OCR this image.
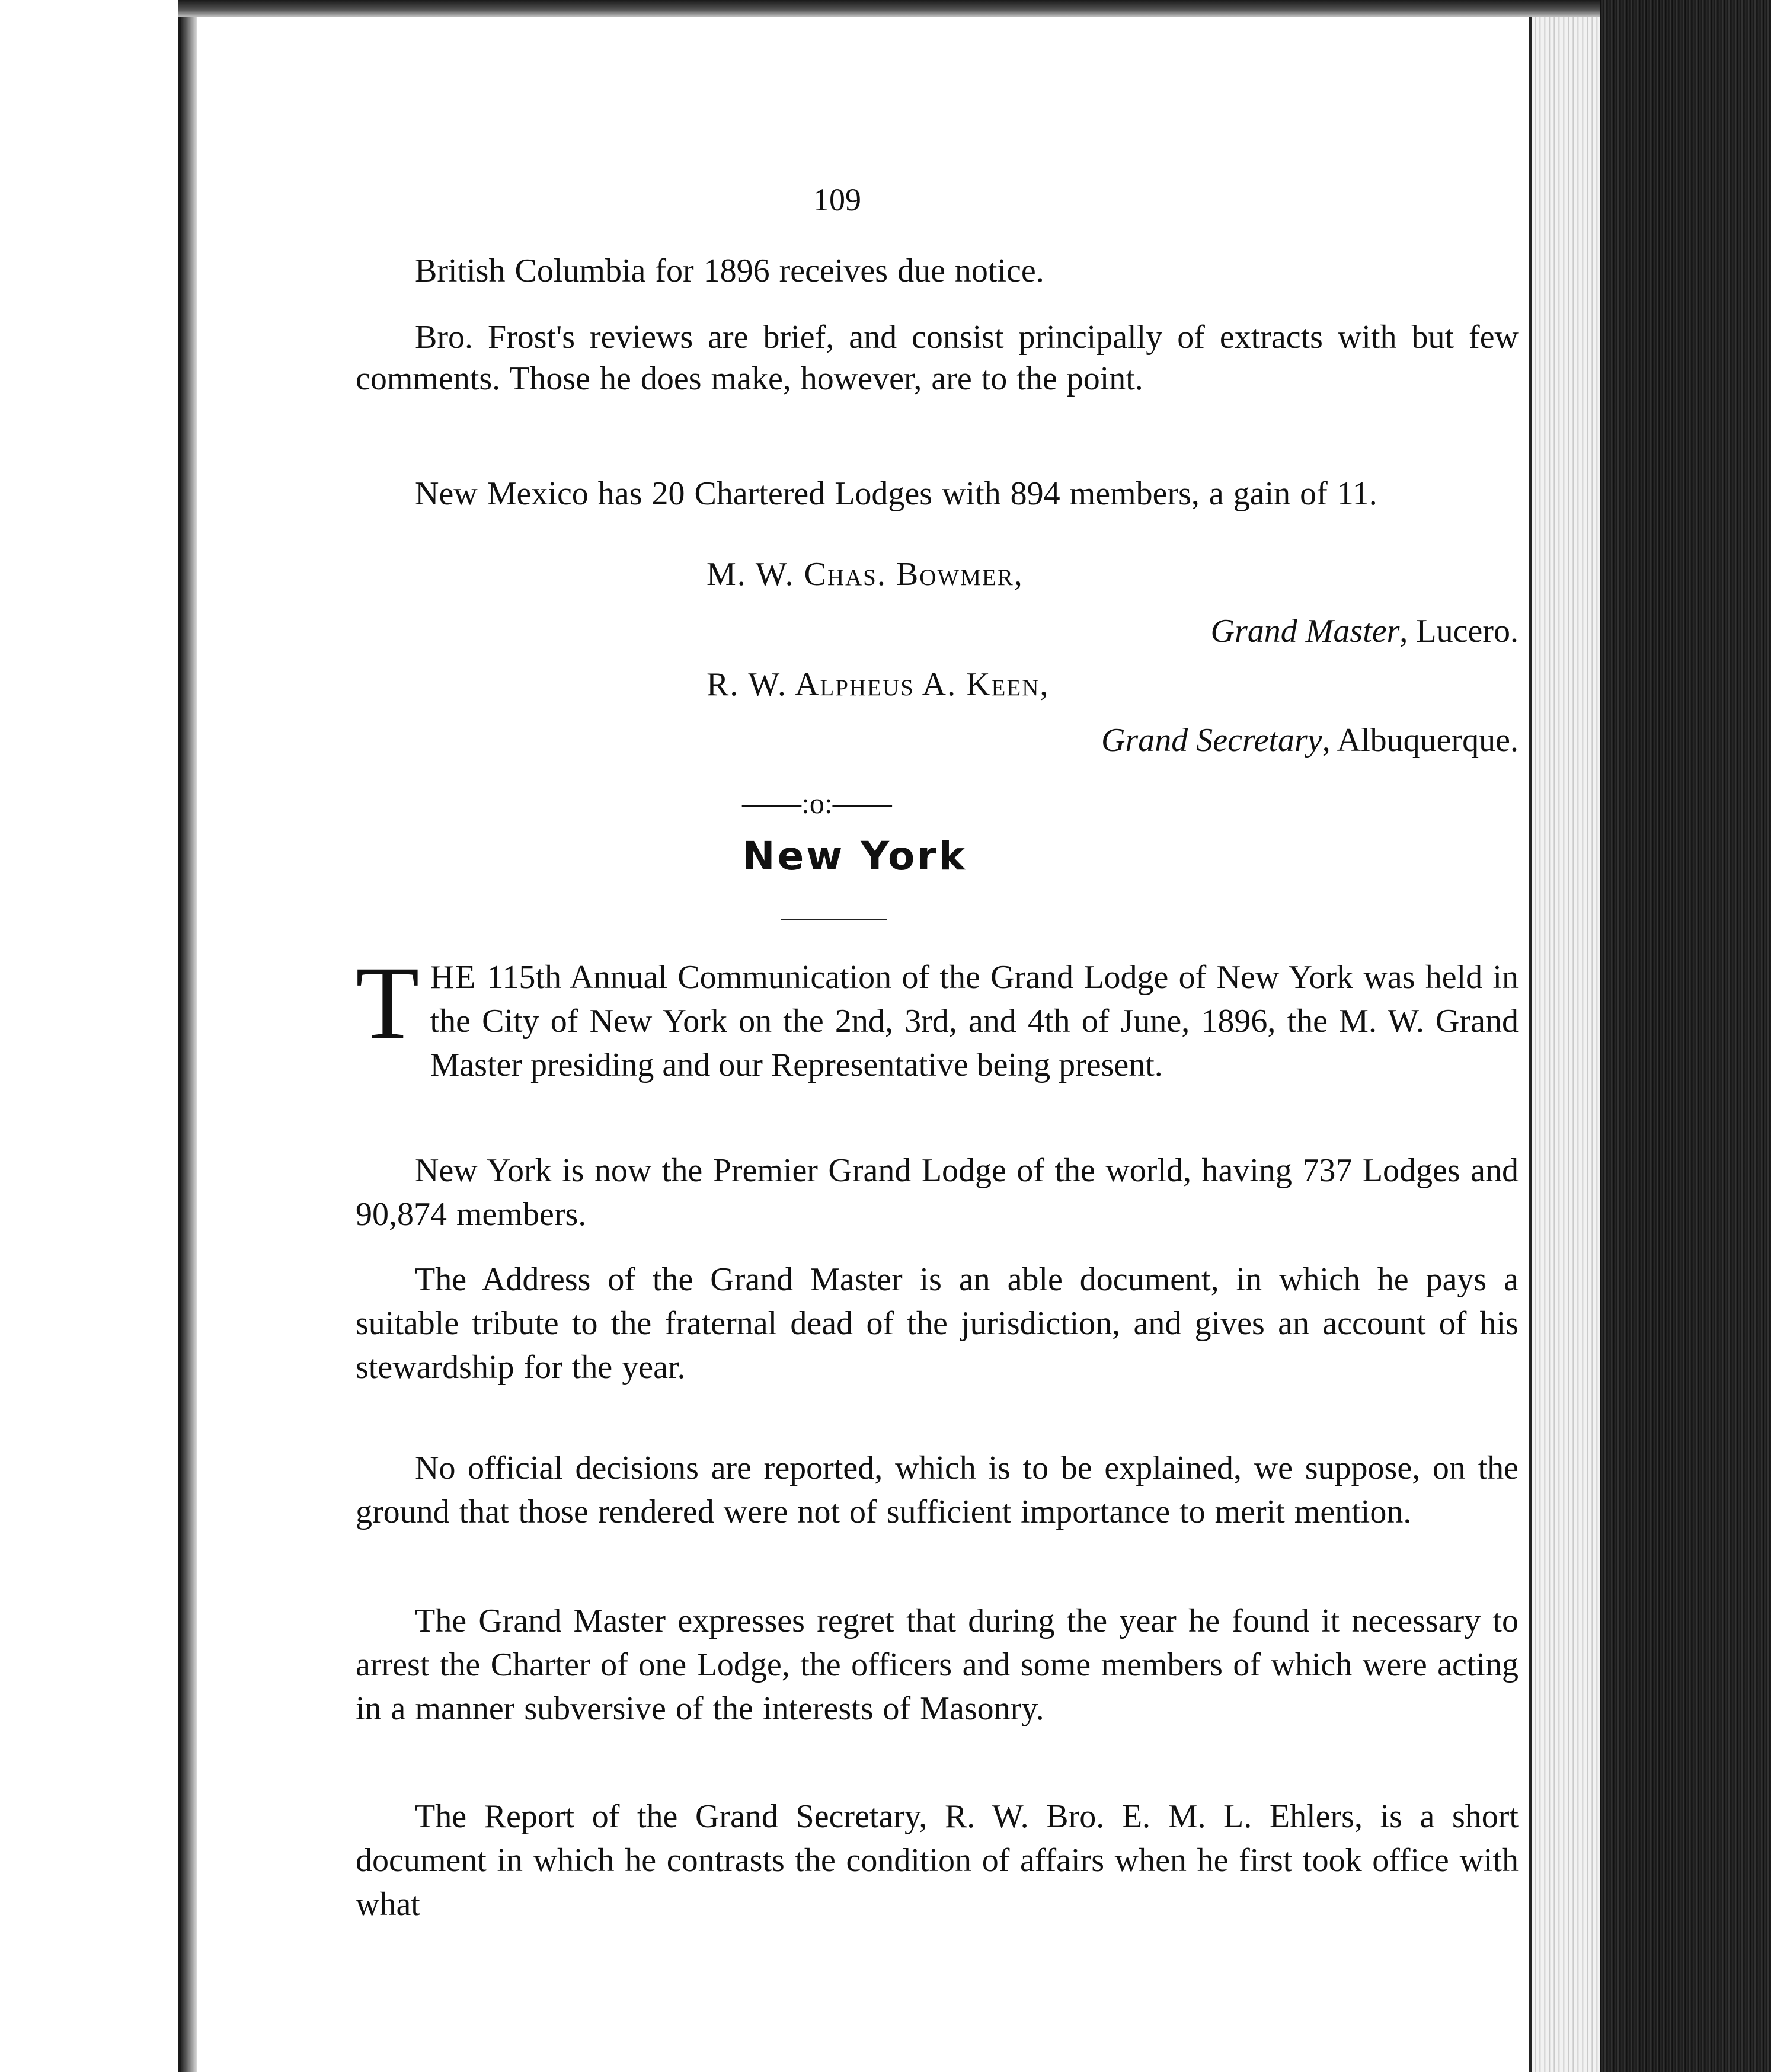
109
British Columbia for 1896 receives due notice.
Bro. Frost's reviews are brief, and consist principally of extracts with but few comments. Those he does make, however, are to the point.
New Mexico has 20 Chartered Lodges with 894 members, a gain of 11.
M. W. Chas. Bowmer,
Grand Master, Lucero.
R. W. Alpheus A. Keen,
Grand Secretary, Albuquerque.
——:o:——
New York
THE 115th Annual Communication of the Grand Lodge of New York was held in the City of New York on the 2nd, 3rd, and 4th of June, 1896, the M. W. Grand Master presiding and our Representative being present.
New York is now the Premier Grand Lodge of the world, having 737 Lodges and 90,874 members.
The Address of the Grand Master is an able document, in which he pays a suitable tribute to the fraternal dead of the jurisdiction, and gives an account of his stewardship for the year.
No official decisions are reported, which is to be explained, we suppose, on the ground that those rendered were not of sufficient importance to merit mention.
The Grand Master expresses regret that during the year he found it necessary to arrest the Charter of one Lodge, the officers and some members of which were acting in a manner subversive of the interests of Masonry.
The Report of the Grand Secretary, R. W. Bro. E. M. L. Ehlers, is a short document in which he contrasts the condition of affairs when he first took office with what
